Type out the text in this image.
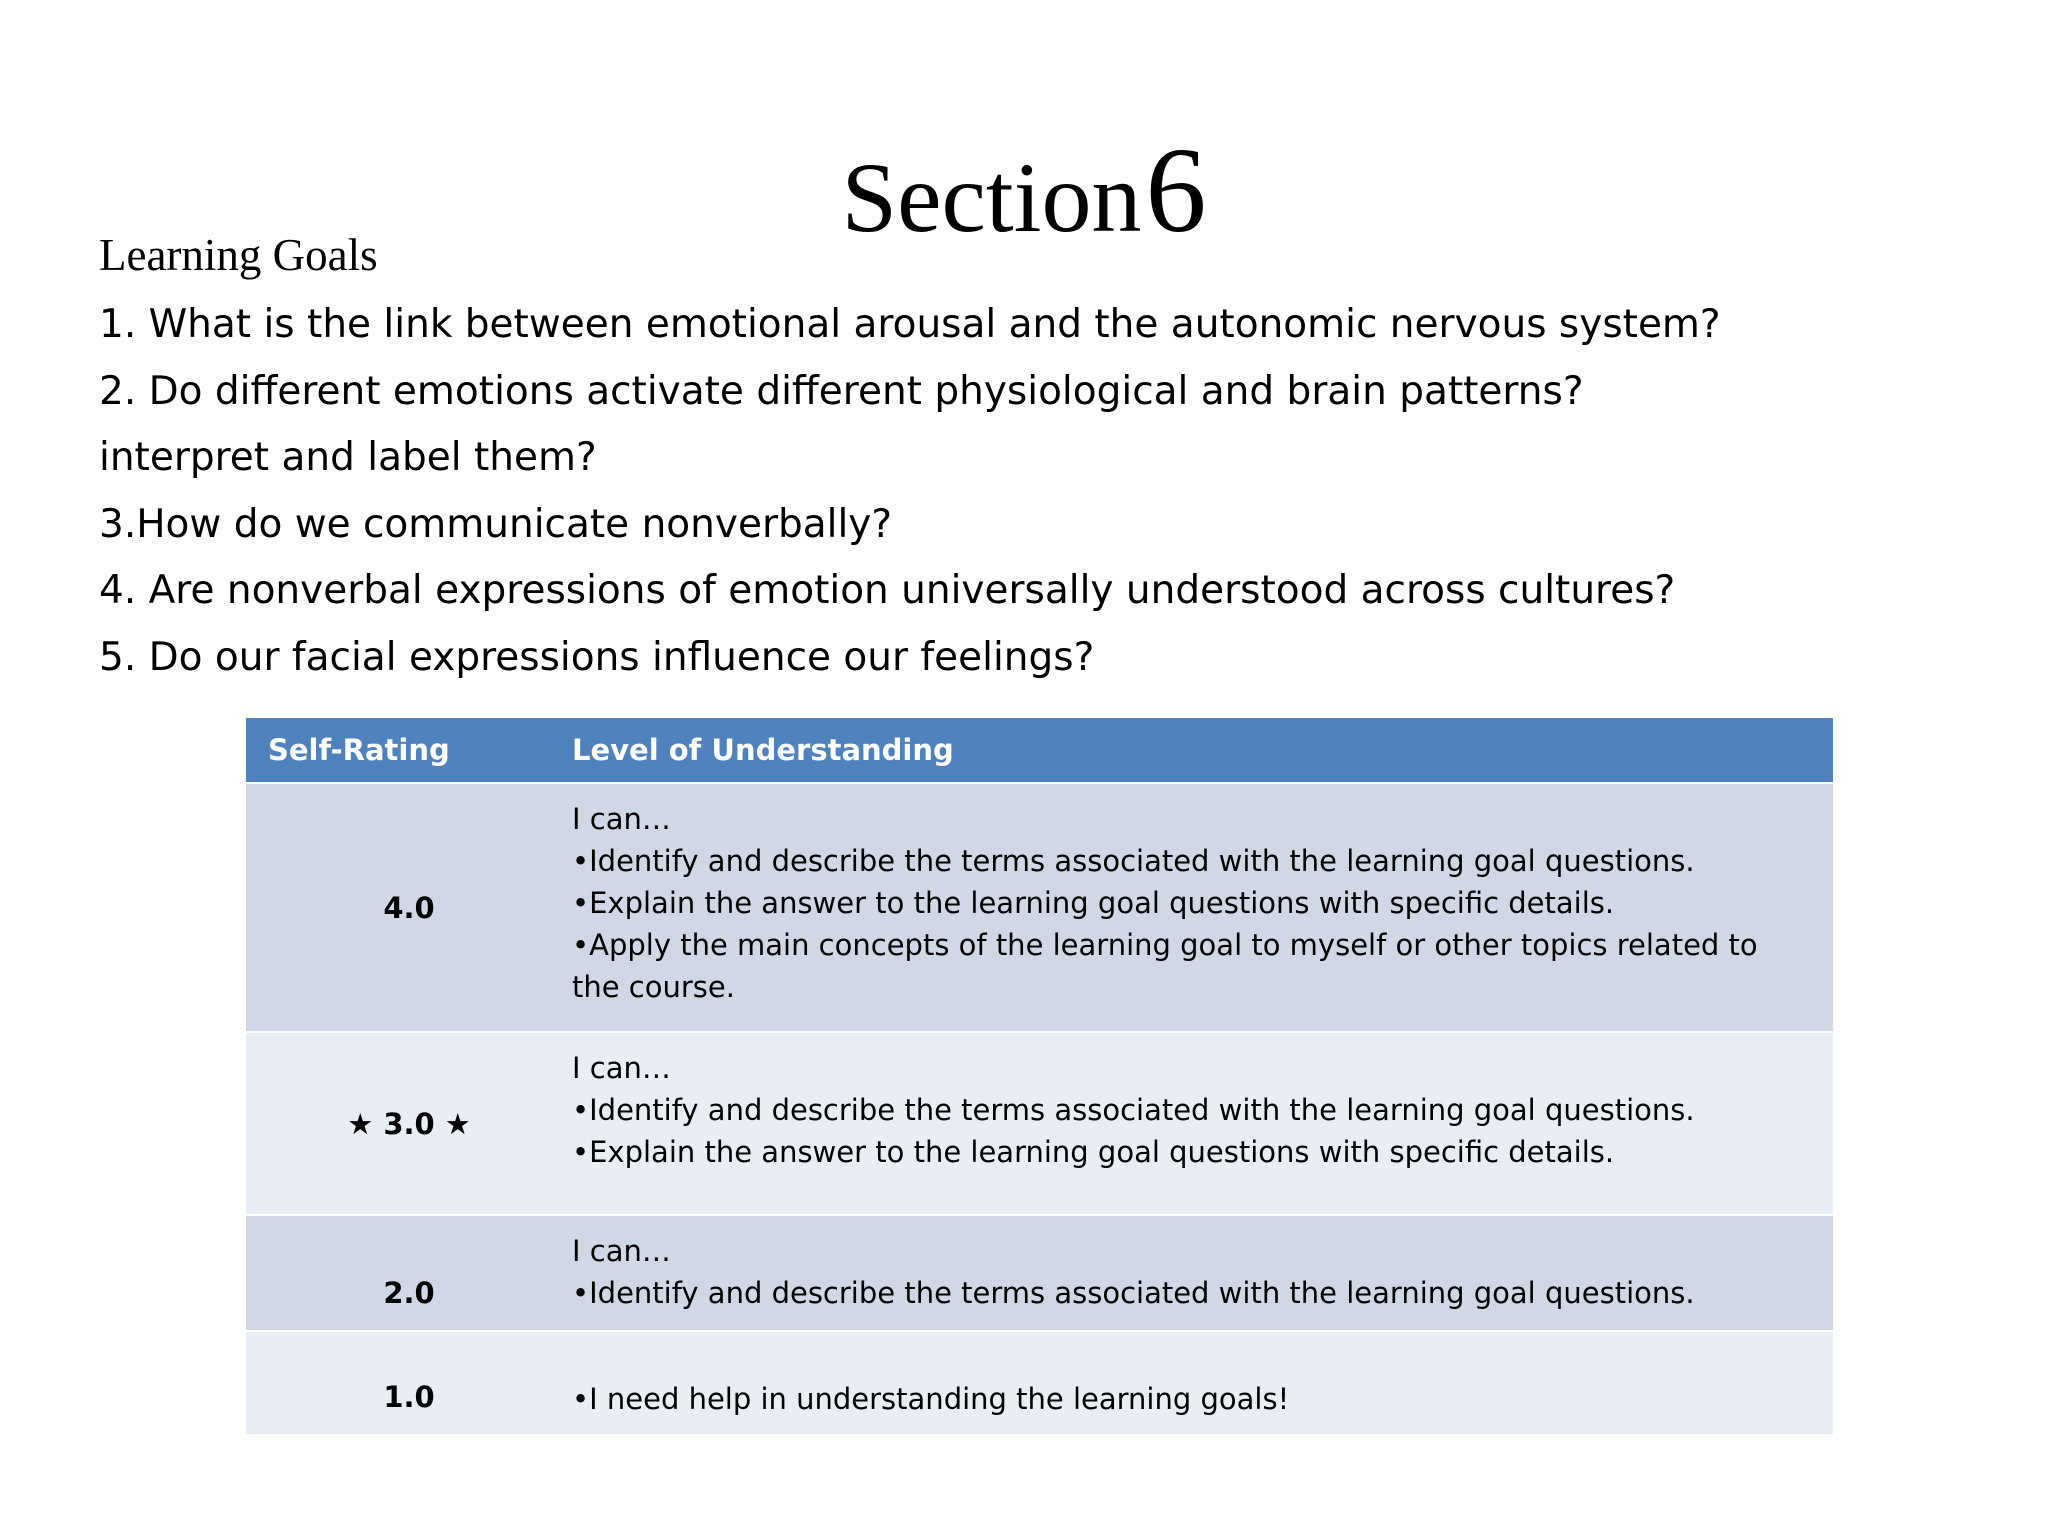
Section 6
Learning Goals
1. What is the link between emotional arousal and the autonomic nervous system?
2. Do different emotions activate different physiological and brain patterns?
interpret and label them?
3.How do we communicate nonverbally?
4. Are nonverbal expressions of emotion universally understood across cultures?
5. Do our facial expressions influence our feelings?
Self-Rating	Level of Understanding
4.0
I can…
•Identify and describe the terms associated with the learning goal questions.
•Explain the answer to the learning goal questions with specific details.
•Apply the main concepts of the learning goal to myself or other topics related to the course.
★ 3.0 ★
I can…
•Identify and describe the terms associated with the learning goal questions.
•Explain the answer to the learning goal questions with specific details.
2.0
I can…
•Identify and describe the terms associated with the learning goal questions.
1.0	•I need help in understanding the learning goals!
